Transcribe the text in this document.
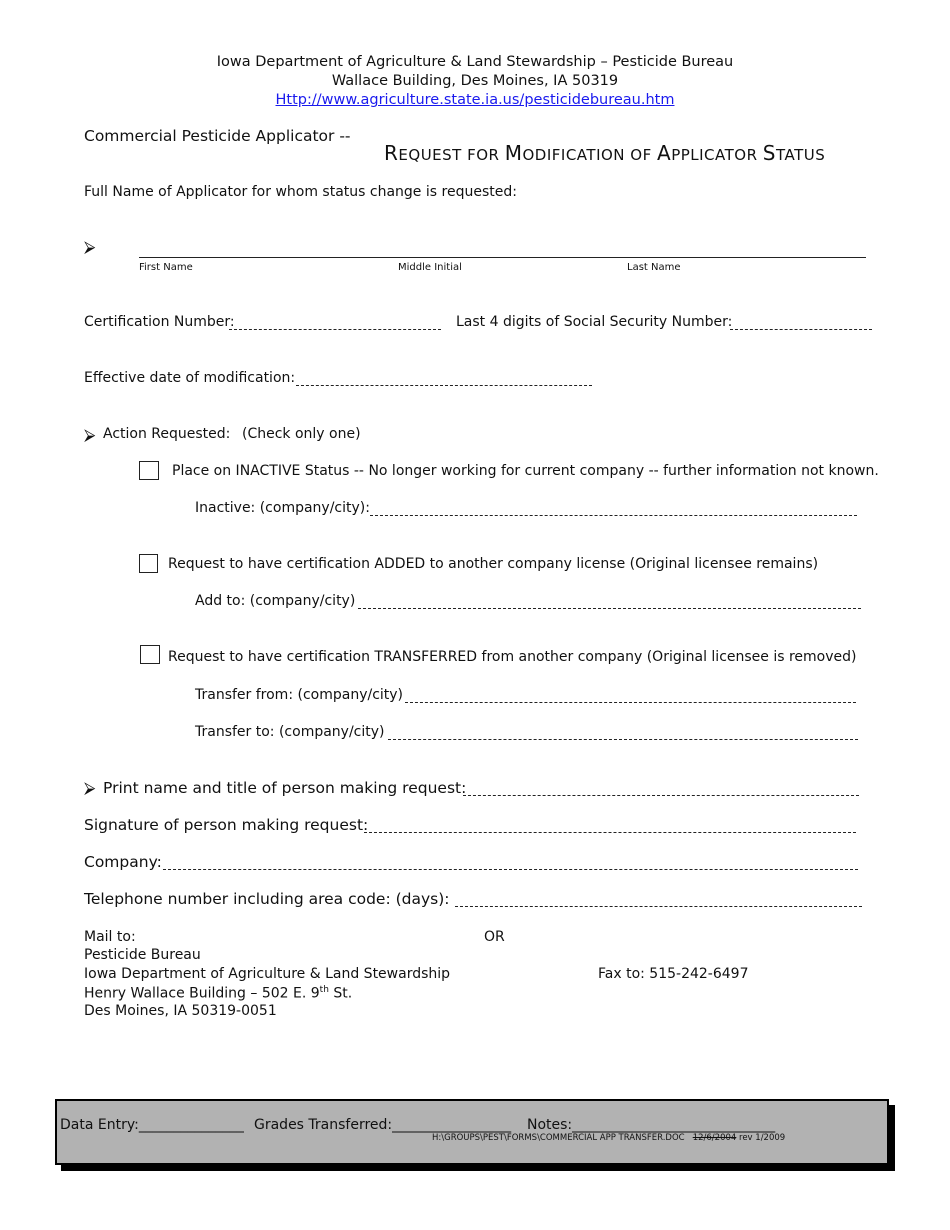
Iowa Department of Agriculture & Land Stewardship – Pesticide Bureau
Wallace Building, Des Moines, IA 50319
Http://www.agriculture.state.ia.us/pesticidebureau.htm
Commercial Pesticide Applicator --
REQUEST FOR MODIFICATION OF APPLICATOR STATUS
Full Name of Applicator for whom status change is requested:
⮚
First Name	Middle Initial	Last Name
Certification Number:	Last 4 digits of Social Security Number:
Effective date of modification:
⮚ Action Requested: (Check only one)
Place on INACTIVE Status -- No longer working for current company -- further information not known.
Inactive: (company/city):
Request to have certification ADDED to another company license (Original licensee remains)
Add to: (company/city)
Request to have certification TRANSFERRED from another company (Original licensee is removed)
Transfer from: (company/city)
Transfer to: (company/city)
⮚ Print name and title of person making request:
Signature of person making request:
Company:
Telephone number including area code: (days):
Mail to:	OR
Pesticide Bureau
Iowa Department of Agriculture & Land Stewardship	Fax to: 515-242-6497
Henry Wallace Building – 502 E. 9th St.
Des Moines, IA 50319-0051
Data Entry:_______________ Grades Transferred:_________________ Notes:_____________________________
H:\GROUPS\PEST\FORMS\COMMERCIAL APP TRANSFER.DOC 12/6/2004 rev 1/2009
